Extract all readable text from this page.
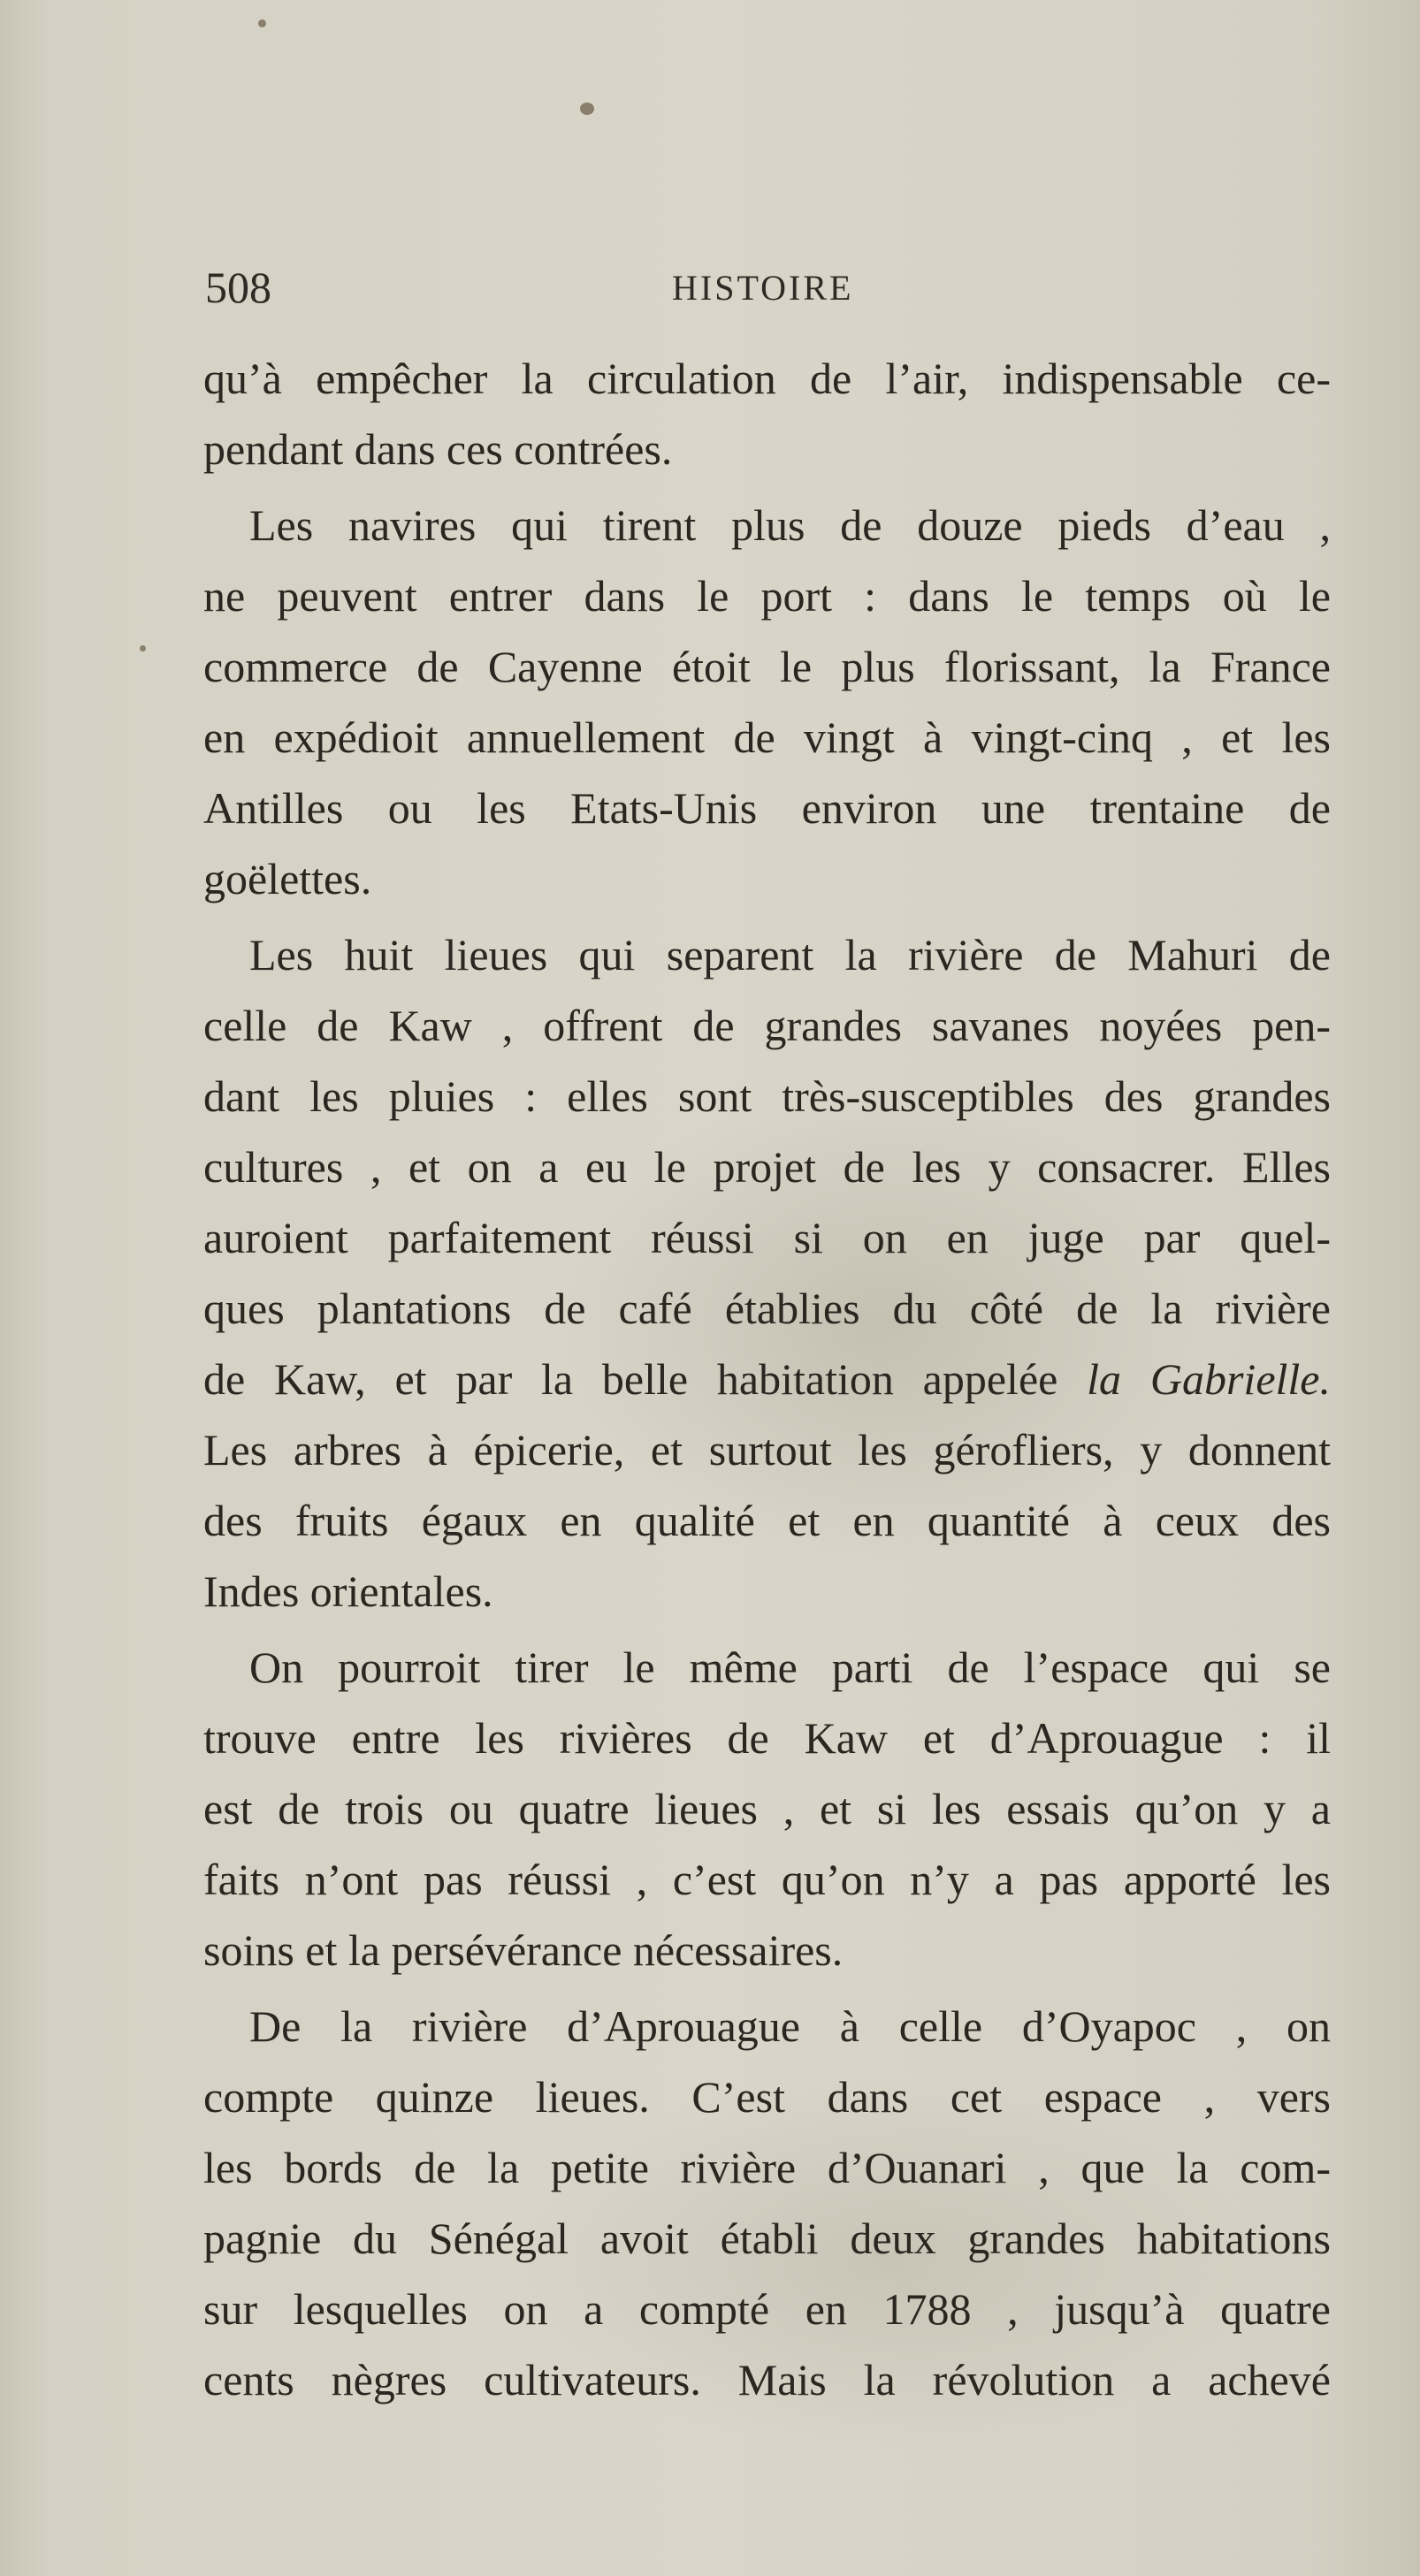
508	HISTOIRE
qu’à empêcher la circulation de l’air, indispensable ce-
pendant dans ces contrées.
Les navires qui tirent plus de douze pieds d’eau ,
ne peuvent entrer dans le port : dans le temps où le
commerce de Cayenne étoit le plus florissant, la France
en expédioit annuellement de vingt à vingt-cinq , et les
Antilles ou les Etats-Unis environ une trentaine de
goëlettes.
Les huit lieues qui separent la rivière de Mahuri de
celle de Kaw , offrent de grandes savanes noyées pen-
dant les pluies : elles sont très-susceptibles des grandes
cultures , et on a eu le projet de les y consacrer. Elles
auroient parfaitement réussi si on en juge par quel-
ques plantations de café établies du côté de la rivière
de Kaw, et par la belle habitation appelée la Gabrielle.
Les arbres à épicerie, et surtout les gérofliers, y donnent
des fruits égaux en qualité et en quantité à ceux des
Indes orientales.
On pourroit tirer le même parti de l’espace qui se
trouve entre les rivières de Kaw et d’Aprouague : il
est de trois ou quatre lieues , et si les essais qu’on y a
faits n’ont pas réussi , c’est qu’on n’y a pas apporté les
soins et la persévérance nécessaires.
De la rivière d’Aprouague à celle d’Oyapoc , on
compte quinze lieues. C’est dans cet espace , vers
les bords de la petite rivière d’Ouanari , que la com-
pagnie du Sénégal avoit établi deux grandes habitations
sur lesquelles on a compté en 1788 , jusqu’à quatre
cents nègres cultivateurs. Mais la révolution a achevé
